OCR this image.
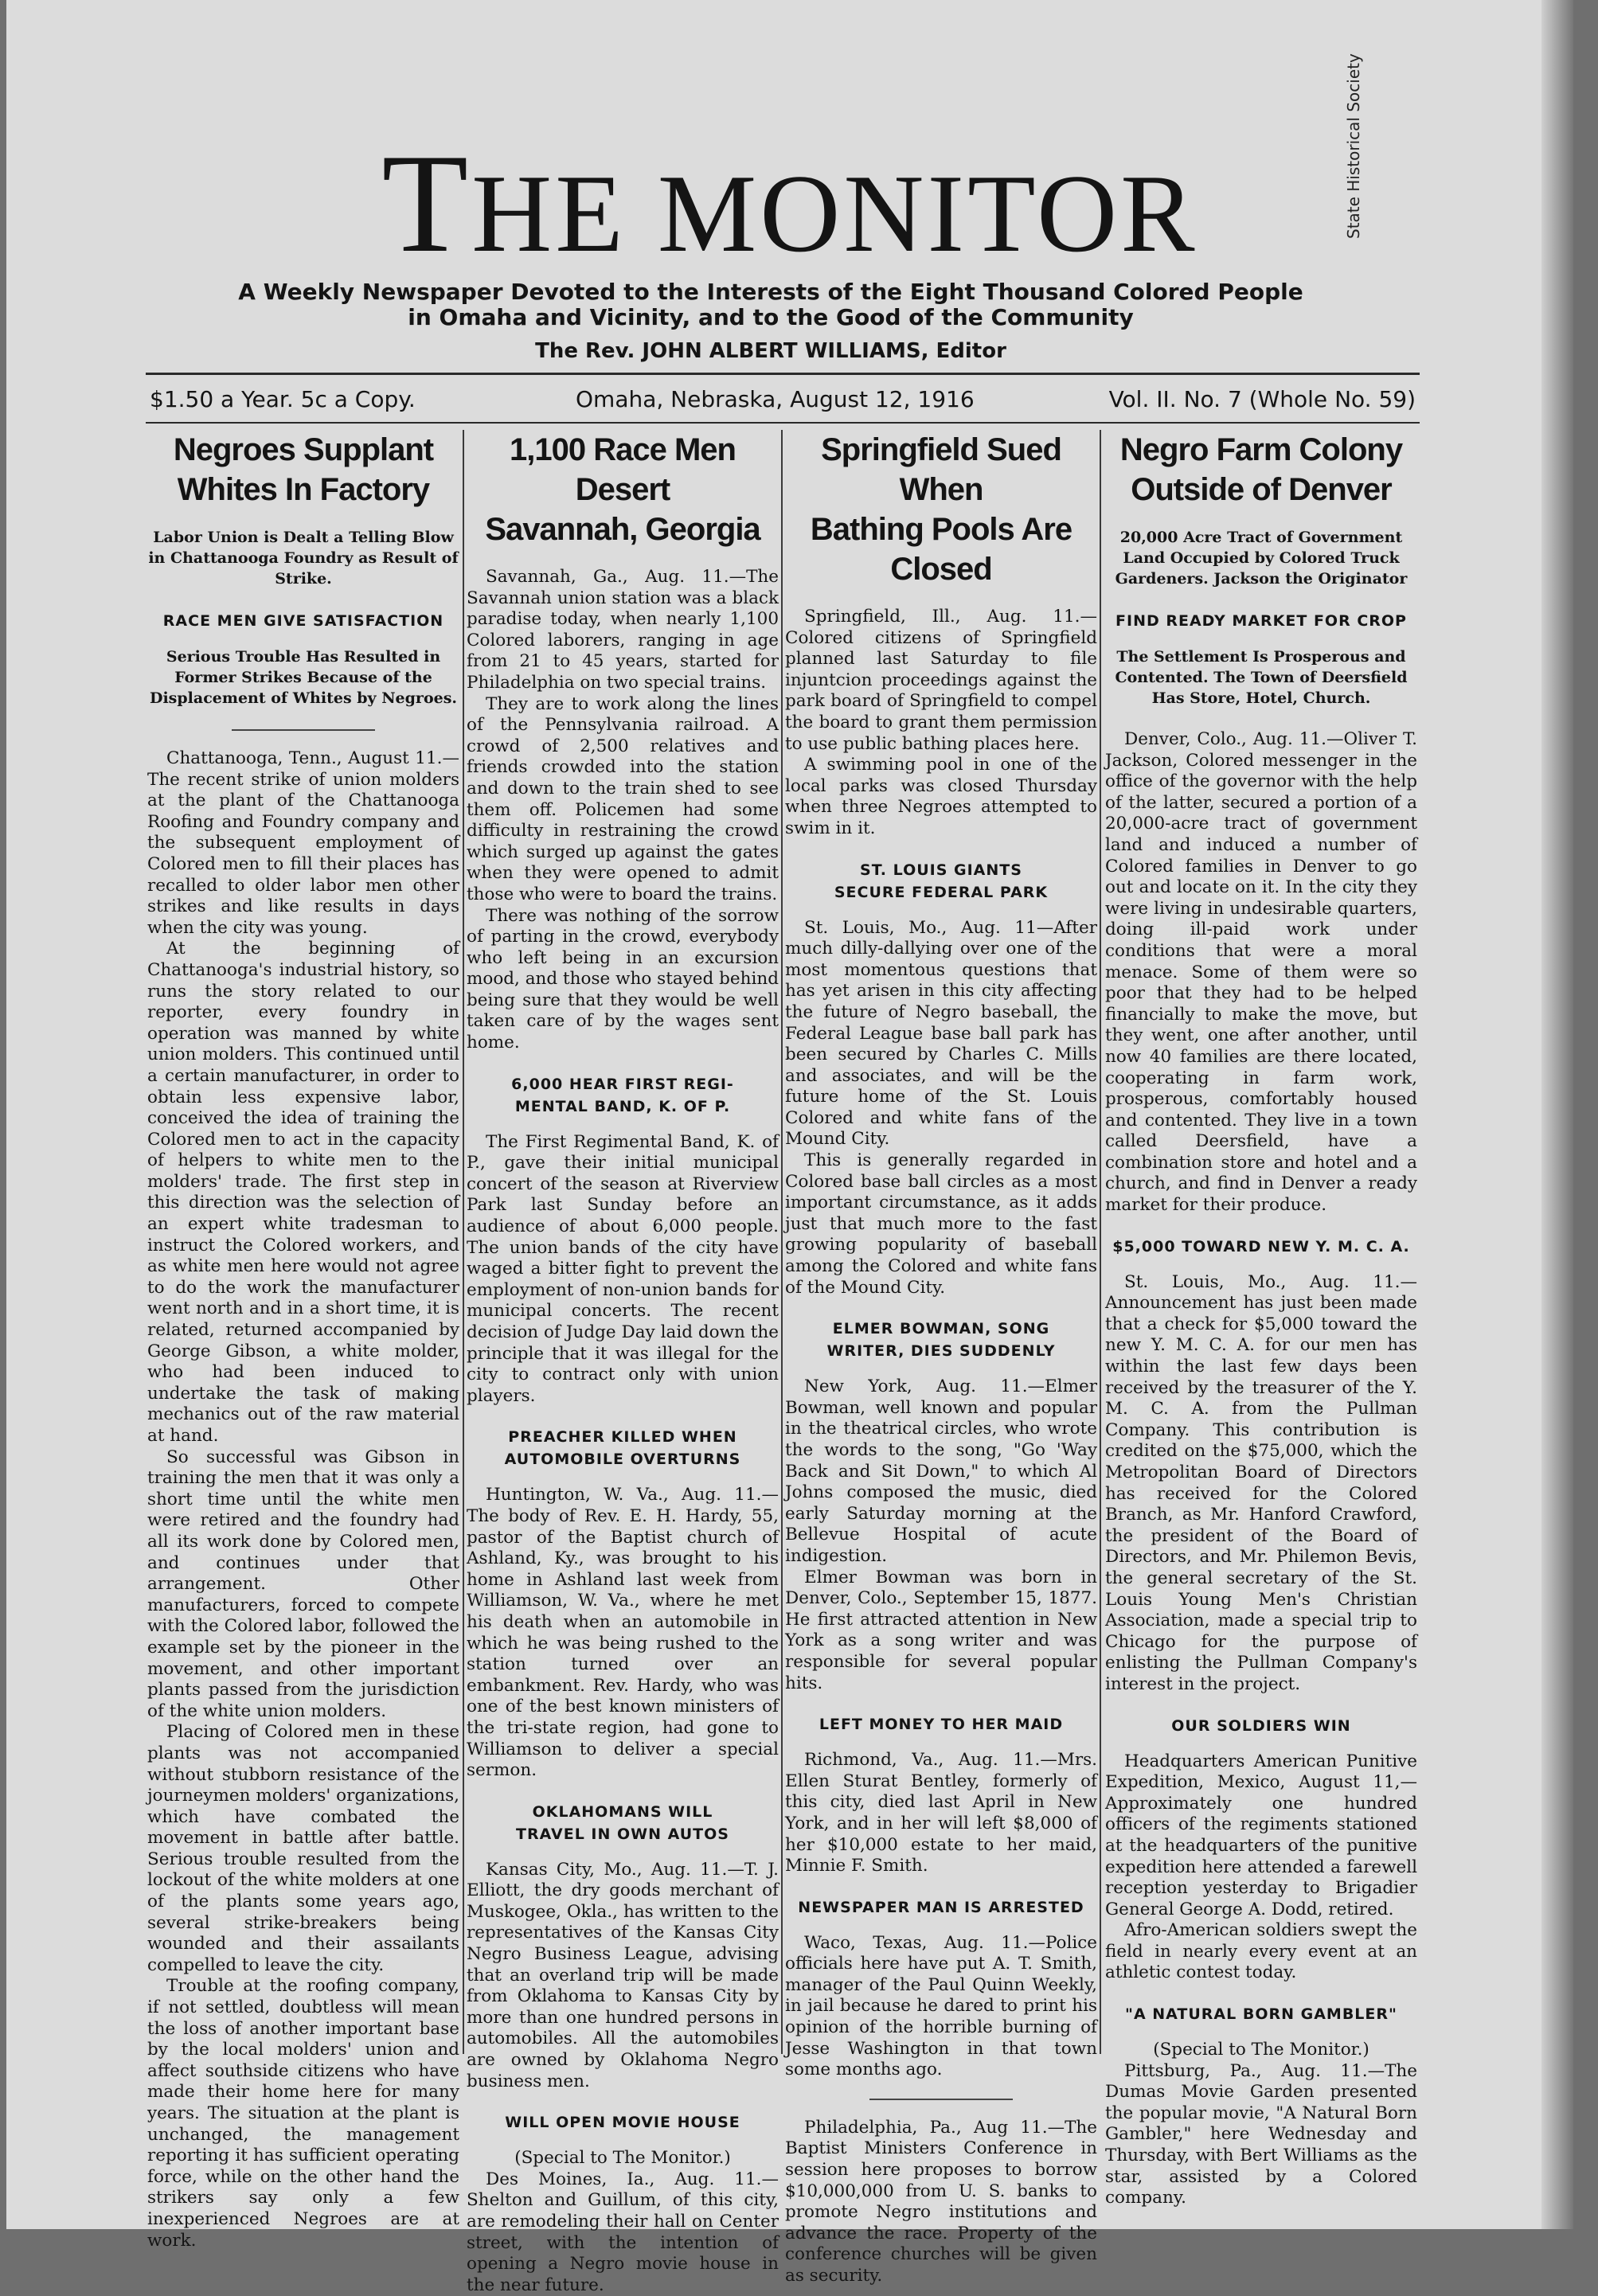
THE MONITOR
A Weekly Newspaper Devoted to the Interests of the Eight Thousand Colored People
in Omaha and Vicinity, and to the Good of the Community
The Rev. JOHN ALBERT WILLIAMS, Editor
$1.50 a Year. 5c a Copy.	Omaha, Nebraska, August 12, 1916	Vol. II. No. 7 (Whole No. 59)
State Historical Society
Negroes Supplant
Whites In Factory
Labor Union is Dealt a Telling Blow in Chattanooga Foundry as Result of Strike.
RACE MEN GIVE SATISFACTION
Serious Trouble Has Resulted in Former Strikes Because of the Displacement of Whites by Negroes.

Chattanooga, Tenn., August 11.—The recent strike of union molders at the plant of the Chattanooga Roofing and Foundry company and the subsequent employment of Colored men to fill their places has recalled to older labor men other strikes and like results in days when the city was young.

At the beginning of Chattanooga's industrial history, so runs the story related to our reporter, every foundry in operation was manned by white union molders. This continued until a certain manufacturer, in order to obtain less expensive labor, conceived the idea of training the Colored men to act in the capacity of helpers to white men to the molders' trade. The first step in this direction was the selection of an expert white tradesman to instruct the Colored workers, and as white men here would not agree to do the work the manufacturer went north and in a short time, it is related, returned accompanied by George Gibson, a white molder, who had been induced to undertake the task of making mechanics out of the raw material at hand.

So successful was Gibson in training the men that it was only a short time until the white men were retired and the foundry had all its work done by Colored men, and continues under that arrangement. Other manufacturers, forced to compete with the Colored labor, followed the example set by the pioneer in the movement, and other important plants passed from the jurisdiction of the white union molders.

Placing of Colored men in these plants was not accompanied without stubborn resistance of the journeymen molders' organizations, which have combated the movement in battle after battle. Serious trouble resulted from the lockout of the white molders at one of the plants some years ago, several strike-breakers being wounded and their assailants compelled to leave the city.

Trouble at the roofing company, if not settled, doubtless will mean the loss of another important base by the local molders' union and affect southside citizens who have made their home here for many years. The situation at the plant is unchanged, the management reporting it has sufficient operating force, while on the other hand the strikers say only a few inexperienced Negroes are at work.

1,100 Race Men Desert
Savannah, Georgia

Savannah, Ga., Aug. 11.—The Savannah union station was a black paradise today, when nearly 1,100 Colored laborers, ranging in age from 21 to 45 years, started for Philadelphia on two special trains.

They are to work along the lines of the Pennsylvania railroad. A crowd of 2,500 relatives and friends crowded into the station and down to the train shed to see them off. Policemen had some difficulty in restraining the crowd which surged up against the gates when they were opened to admit those who were to board the trains.

There was nothing of the sorrow of parting in the crowd, everybody who left being in an excursion mood, and those who stayed behind being sure that they would be well taken care of by the wages sent home.

6,000 HEAR FIRST REGI-
MENTAL BAND, K. OF P.

The First Regimental Band, K. of P., gave their initial municipal concert of the season at Riverview Park last Sunday before an audience of about 6,000 people. The union bands of the city have waged a bitter fight to prevent the employment of non-union bands for municipal concerts. The recent decision of Judge Day laid down the principle that it was illegal for the city to contract only with union players.

PREACHER KILLED WHEN
AUTOMOBILE OVERTURNS

Huntington, W. Va., Aug. 11.—The body of Rev. E. H. Hardy, 55, pastor of the Baptist church of Ashland, Ky., was brought to his home in Ashland last week from Williamson, W. Va., where he met his death when an automobile in which he was being rushed to the station turned over an embankment. Rev. Hardy, who was one of the best known ministers of the tri-state region, had gone to Williamson to deliver a special sermon.

OKLAHOMANS WILL
TRAVEL IN OWN AUTOS

Kansas City, Mo., Aug. 11.—T. J. Elliott, the dry goods merchant of Muskogee, Okla., has written to the representatives of the Kansas City Negro Business League, advising that an overland trip will be made from Oklahoma to Kansas City by more than one hundred persons in automobiles. All the automobiles are owned by Oklahoma Negro business men.

WILL OPEN MOVIE HOUSE
(Special to The Monitor.)

Des Moines, Ia., Aug. 11.—Shelton and Guillum, of this city, are remodeling their hall on Center street, with the intention of opening a Negro movie house in the near future.

Springfield Sued When
Bathing Pools Are Closed

Springfield, Ill., Aug. 11.—Colored citizens of Springfield planned last Saturday to file injuntcion proceedings against the park board of Springfield to compel the board to grant them permission to use public bathing places here.

A swimming pool in one of the local parks was closed Thursday when three Negroes attempted to swim in it.

ST. LOUIS GIANTS
SECURE FEDERAL PARK

St. Louis, Mo., Aug. 11—After much dilly-dallying over one of the most momentous questions that has yet arisen in this city affecting the future of Negro baseball, the Federal League base ball park has been secured by Charles C. Mills and associates, and will be the future home of the St. Louis Colored and white fans of the Mound City.

This is generally regarded in Colored base ball circles as a most important circumstance, as it adds just that much more to the fast growing popularity of baseball among the Colored and white fans of the Mound City.

ELMER BOWMAN, SONG
WRITER, DIES SUDDENLY

New York, Aug. 11.—Elmer Bowman, well known and popular in the theatrical circles, who wrote the words to the song, "Go 'Way Back and Sit Down," to which Al Johns composed the music, died early Saturday morning at the Bellevue Hospital of acute indigestion.

Elmer Bowman was born in Denver, Colo., September 15, 1877. He first attracted attention in New York as a song writer and was responsible for several popular hits.

LEFT MONEY TO HER MAID

Richmond, Va., Aug. 11.—Mrs. Ellen Sturat Bentley, formerly of this city, died last April in New York, and in her will left $8,000 of her $10,000 estate to her maid, Minnie F. Smith.

NEWSPAPER MAN IS ARRESTED

Waco, Texas, Aug. 11.—Police officials here have put A. T. Smith, manager of the Paul Quinn Weekly, in jail because he dared to print his opinion of the horrible burning of Jesse Washington in that town some months ago.

Philadelphia, Pa., Aug 11.—The Baptist Ministers Conference in session here proposes to borrow $10,000,000 from U. S. banks to promote Negro institutions and advance the race. Property of the conference churches will be given as security.

Negro Farm Colony
Outside of Denver
20,000 Acre Tract of Government Land Occupied by Colored Truck Gardeners. Jackson the Originator
FIND READY MARKET FOR CROP
The Settlement Is Prosperous and Contented. The Town of Deersfield Has Store, Hotel, Church.

Denver, Colo., Aug. 11.—Oliver T. Jackson, Colored messenger in the office of the governor with the help of the latter, secured a portion of a 20,000-acre tract of government land and induced a number of Colored families in Denver to go out and locate on it. In the city they were living in undesirable quarters, doing ill-paid work under conditions that were a moral menace. Some of them were so poor that they had to be helped financially to make the move, but they went, one after another, until now 40 families are there located, cooperating in farm work, prosperous, comfortably housed and contented. They live in a town called Deersfield, have a combination store and hotel and a church, and find in Denver a ready market for their produce.

$5,000 TOWARD NEW Y. M. C. A.

St. Louis, Mo., Aug. 11.—Announcement has just been made that a check for $5,000 toward the new Y. M. C. A. for our men has within the last few days been received by the treasurer of the Y. M. C. A. from the Pullman Company. This contribution is credited on the $75,000, which the Metropolitan Board of Directors has received for the Colored Branch, as Mr. Hanford Crawford, the president of the Board of Directors, and Mr. Philemon Bevis, the general secretary of the St. Louis Young Men's Christian Association, made a special trip to Chicago for the purpose of enlisting the Pullman Company's interest in the project.

OUR SOLDIERS WIN

Headquarters American Punitive Expedition, Mexico, August 11,—Approximately one hundred officers of the regiments stationed at the headquarters of the punitive expedition here attended a farewell reception yesterday to Brigadier General George A. Dodd, retired.

Afro-American soldiers swept the field in nearly every event at an athletic contest today.

"A NATURAL BORN GAMBLER"
(Special to The Monitor.)

Pittsburg, Pa., Aug. 11.—The Dumas Movie Garden presented the popular movie, "A Natural Born Gambler," here Wednesday and Thursday, with Bert Williams as the star, assisted by a Colored company.
